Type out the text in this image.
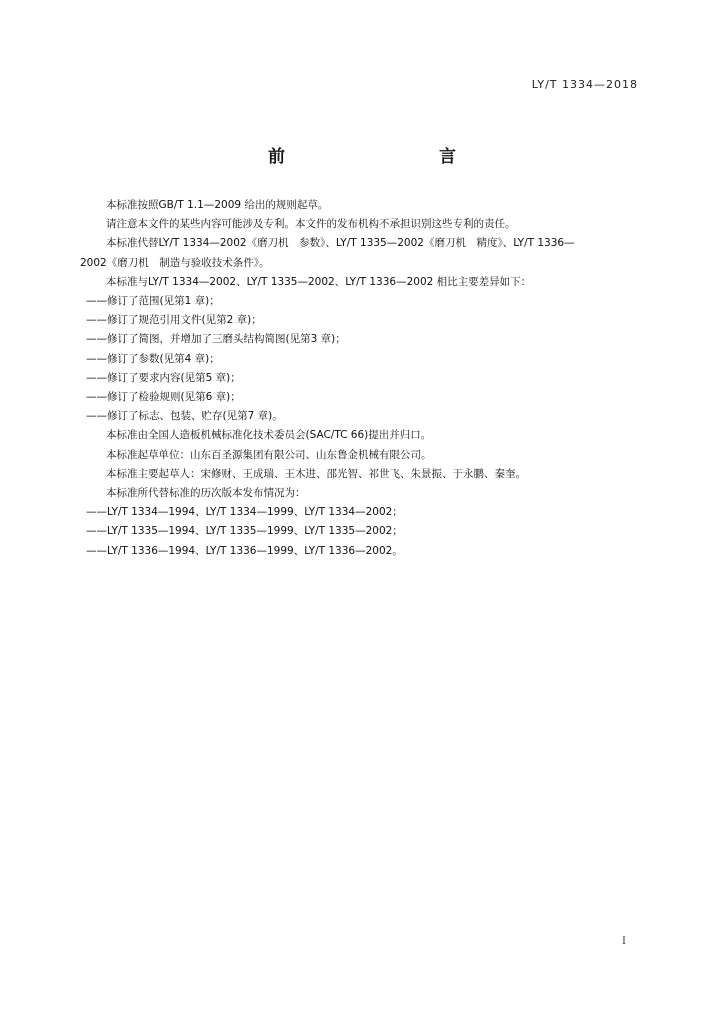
LY/T 1334—2018
前　　言

本标准按照GB/T 1.1—2009 给出的规则起草。

请注意本文件的某些内容可能涉及专利。本文件的发布机构不承担识别这些专利的责任。

本标准代替LY/T 1334—2002《磨刀机　参数》、LY/T 1335—2002《磨刀机　精度》、LY/T 1336—

2002《磨刀机　制造与验收技术条件》。

本标准与LY/T 1334—2002、LY/T 1335—2002、LY/T 1336—2002 相比主要差异如下：

——修订了范围(见第1 章)；

——修订了规范引用文件(见第2 章)；

——修订了简图，并增加了三磨头结构简图(见第3 章)；

——修订了参数(见第4 章)；

——修订了要求内容(见第5 章)；

——修订了检验规则(见第6 章)；

——修订了标志、包装、贮存(见第7 章)。

本标准由全国人造板机械标准化技术委员会(SAC/TC 66)提出并归口。

本标准起草单位：山东百圣源集团有限公司、山东鲁金机械有限公司。

本标准主要起草人：宋修财、王成瑞、王木进、邵光智、祁世飞、朱景振、于永鹏、秦奎。

本标准所代替标准的历次版本发布情况为：

——LY/T 1334—1994、LY/T 1334—1999、LY/T 1334—2002；

——LY/T 1335—1994、LY/T 1335—1999、LY/T 1335—2002；

——LY/T 1336—1994、LY/T 1336—1999、LY/T 1336—2002。

I
